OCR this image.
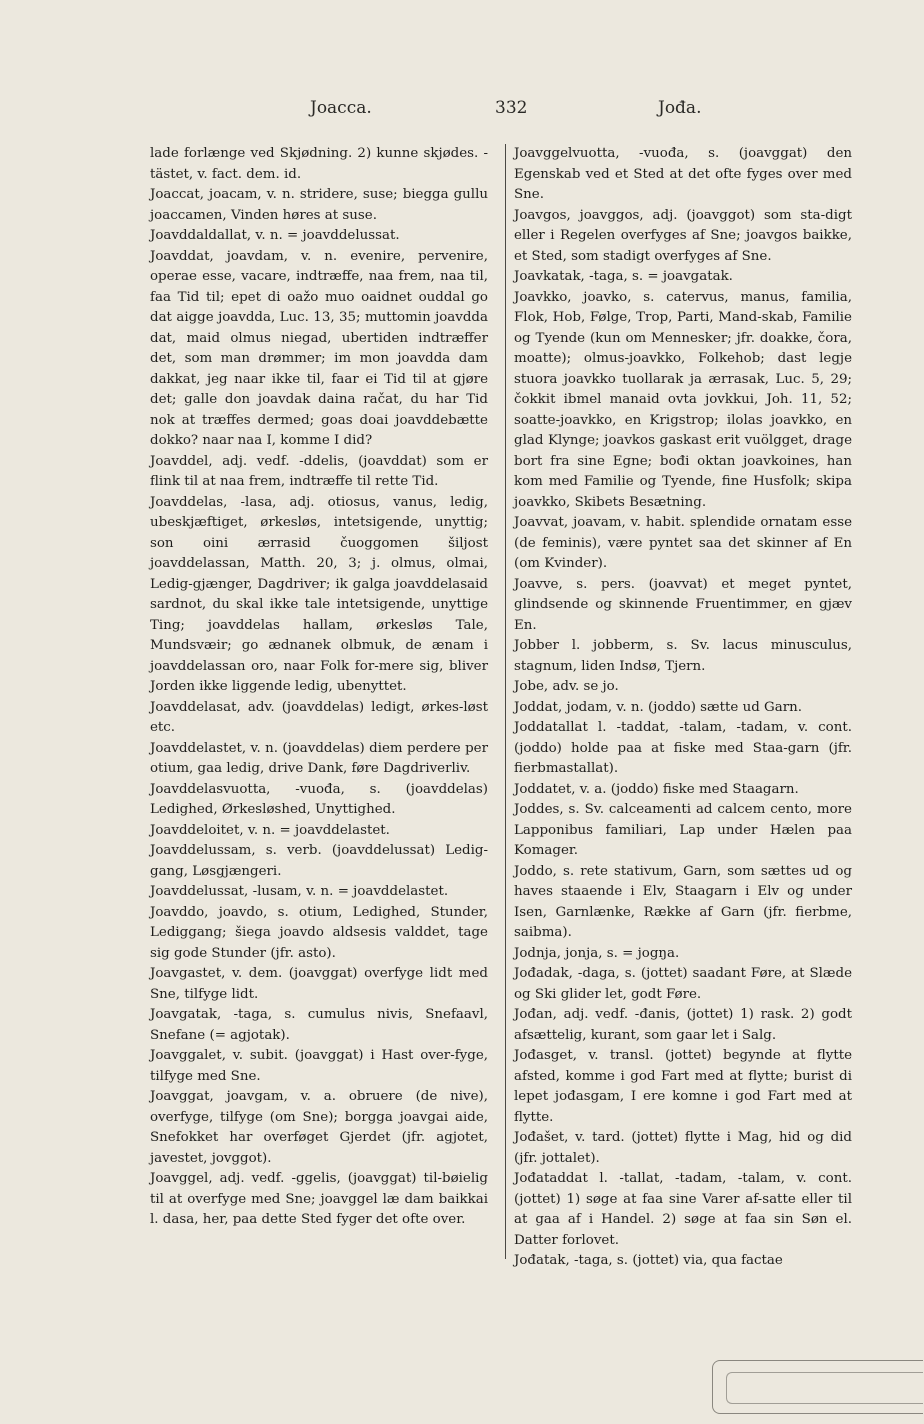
Joacca.	332	Jođa.

lade forlænge ved Skjødning. 2) kunne skjødes. -tästet, v. fact. dem. id.

Joaccat, joacam, v. n. stridere, suse; biegga gullu joaccamen, Vinden høres at suse.

Joavddaldallat, v. n. = joavddelussat.

Joavddat, joavdam, v. n. evenire, pervenire, operae esse, vacare, indtræffe, naa frem, naa til, faa Tid til; epet di oažo muo oaidnet ouddal go dat aigge joavdda, Luc. 13, 35; muttomin joavdda dat, maid olmus niegad, ubertiden indtræffer det, som man drømmer; im mon joavdda dam dakkat, jeg naar ikke til, faar ei Tid til at gjøre det; galle don joavdak daina račat, du har Tid nok at træffes dermed; goas doai joavddebætte dokko? naar naa I, komme I did?

Joavddel, adj. vedf. -ddelis, (joavddat) som er flink til at naa frem, indtræffe til rette Tid.

Joavddelas, -lasa, adj. otiosus, vanus, ledig, ubeskjæftiget, ørkesløs, intetsigende, unyttig; son oini ærrasid čuoggomen šiljost joavddelassan, Matth. 20, 3; j. olmus, olmai, Ledig-gjænger, Dagdriver; ik galga joavddelasaid sardnot, du skal ikke tale intetsigende, unyttige Ting; joavddelas hallam, ørkesløs Tale, Mundsvæir; go ædnanek olbmuk, de ænam i joavddelassan oro, naar Folk for-mere sig, bliver Jorden ikke liggende ledig, ubenyttet.

Joavddelasat, adv. (joavddelas) ledigt, ørkes-løst etc.

Joavddelastet, v. n. (joavddelas) diem perdere per otium, gaa ledig, drive Dank, føre Dagdriverliv.

Joavddelasvuotta, -vuođa, s. (joavddelas) Ledighed, Ørkesløshed, Unyttighed.

Joavddeloitet, v. n. = joavddelastet.

Joavddelussam, s. verb. (joavddelussat) Ledig-gang, Løsgjængeri.

Joavddelussat, -lusam, v. n. = joavddelastet.

Joavddo, joavdo, s. otium, Ledighed, Stunder, Lediggang; šiega joavdo aldsesis valddet, tage sig gode Stunder (jfr. asto).

Joavgastet, v. dem. (joavggat) overfyge lidt med Sne, tilfyge lidt.

Joavgatak, -taga, s. cumulus nivis, Snefaavl, Snefane (= agjotak).

Joavggalet, v. subit. (joavggat) i Hast over-fyge, tilfyge med Sne.

Joavggat, joavgam, v. a. obruere (de nive), overfyge, tilfyge (om Sne); borgga joavgai aide, Snefokket har overføget Gjerdet (jfr. agjotet, javestet, jovggot).

Joavggel, adj. vedf. -ggelis, (joavggat) til-bøielig til at overfyge med Sne; joavggel læ dam baikkai l. dasa, her, paa dette Sted fyger det ofte over.

Joavggelvuotta, -vuođa, s. (joavggat) den Egenskab ved et Sted at det ofte fyges over med Sne.

Joavgos, joavggos, adj. (joavggot) som sta-digt eller i Regelen overfyges af Sne; joavgos baikke, et Sted, som stadigt overfyges af Sne.

Joavkatak, -taga, s. = joavgatak.

Joavkko, joavko, s. catervus, manus, familia, Flok, Hob, Følge, Trop, Parti, Mand-skab, Familie og Tyende (kun om Mennesker; jfr. doakke, čora, moatte); olmus-joavkko, Folkehob; dast legje stuora joavkko tuollarak ja ærrasak, Luc. 5, 29; čokkit ibmel manaid ovta jovkkui, Joh. 11, 52; soatte-joavkko, en Krigstrop; ilolas joavkko, en glad Klynge; joavkos gaskast erit vuölgget, drage bort fra sine Egne; bođi oktan joavkoines, han kom med Familie og Tyende, fine Husfolk; skipa joavkko, Skibets Besætning.

Joavvat, joavam, v. habit. splendide ornatam esse (de feminis), være pyntet saa det skinner af En (om Kvinder).

Joavve, s. pers. (joavvat) et meget pyntet, glindsende og skinnende Fruentimmer, en gjæv En.

Jobber l. jobberm, s. Sv. lacus minusculus, stagnum, liden Indsø, Tjern.

Jobe, adv. se jo.

Joddat, jodam, v. n. (joddo) sætte ud Garn.

Joddatallat l. -taddat, -talam, -tadam, v. cont. (joddo) holde paa at fiske med Staa-garn (jfr. fierbmastallat).

Joddatet, v. a. (joddo) fiske med Staagarn.

Joddes, s. Sv. calceamenti ad calcem cento, more Lapponibus familiari, Lap under Hælen paa Komager.

Joddo, s. rete stativum, Garn, som sættes ud og haves staaende i Elv, Staagarn i Elv og under Isen, Garnlænke, Række af Garn (jfr. fierbme, saibma).

Jodnja, jonja, s. = jogŋa.

Jođadak, -daga, s. (jottet) saadant Føre, at Slæde og Ski glider let, godt Føre.

Jođan, adj. vedf. -đanis, (jottet) 1) rask. 2) godt afsættelig, kurant, som gaar let i Salg.

Jođasget, v. transl. (jottet) begynde at flytte afsted, komme i god Fart med at flytte; burist di lepet jođasgam, I ere komne i god Fart med at flytte.

Jođašet, v. tard. (jottet) flytte i Mag, hid og did (jfr. jottalet).

Jođataddat l. -tallat, -tadam, -talam, v. cont. (jottet) 1) søge at faa sine Varer af-satte eller til at gaa af i Handel. 2) søge at faa sin Søn el. Datter forlovet.

Jođatak, -taga, s. (jottet) via, qua factae
